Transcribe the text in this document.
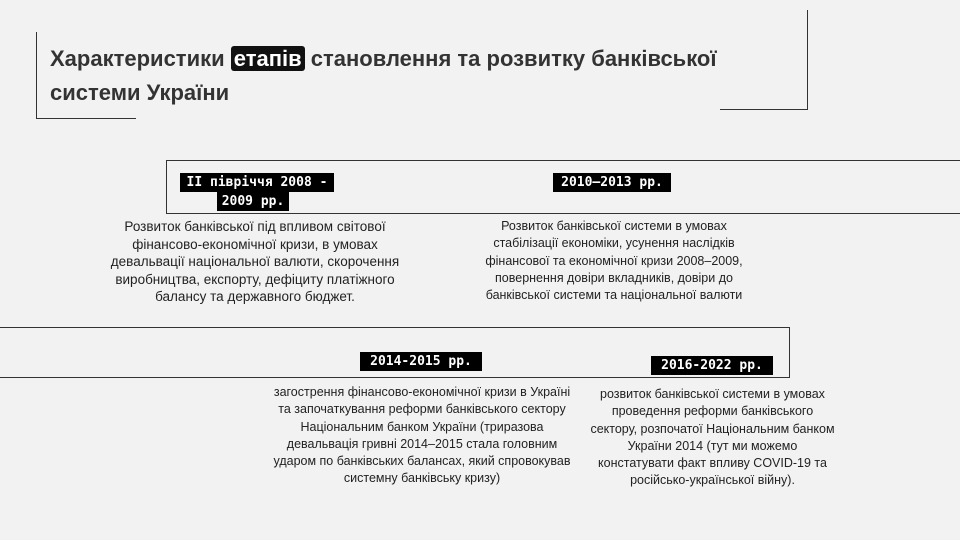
Характеристики етапів становлення та розвитку банківської системи України
II півріччя 2008 -
2009 рр.
Розвиток банківської під впливом світової фінансово-економічної кризи, в умовах девальвації національної валюти, скорочення виробництва, експорту, дефіциту платіжного балансу та державного бюджет.
2010–2013 рр.
Розвиток банківської системи в умовах стабілізації економіки, усунення наслідків фінансової та економічної кризи 2008–2009, повернення довіри вкладників, довіри до банківської системи та національної валюти
2014-2015 рр.
загострення фінансово-економічної кризи в Україні та започаткування реформи банківського сектору Національним банком України (триразова девальвація гривні 2014–2015 стала головним ударом по банківських балансах, який спровокував системну банківську кризу)
2016-2022 рр.
розвиток банківської системи в умовах проведення реформи банківського сектору, розпочатої Національним банком України 2014 (тут ми можемо констатувати факт впливу COVID-19 та російсько-української війну).
